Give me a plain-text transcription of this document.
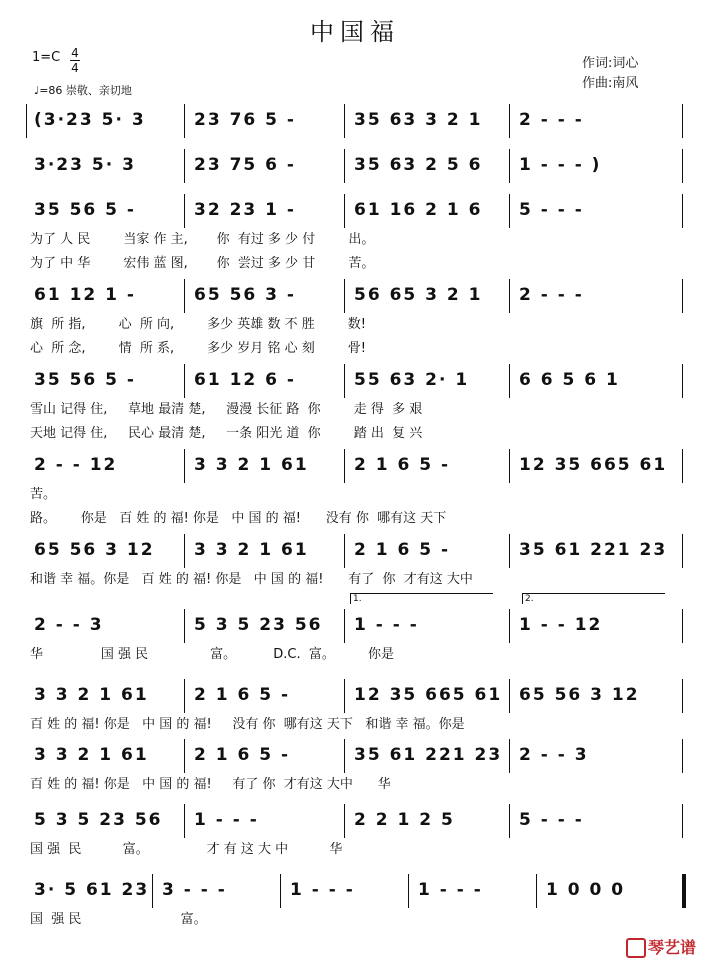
中国福
1=C 4
4
♩=86 崇敬、亲切地
作词:词心
作曲:南风
(3·23 5· 3	23 76 5 -	35 63 3 2 1	2 - - -
3·23 5· 3	23 75 6 -	35 63 2 5 6	1 - - - )
35 56 5 -	32 23 1 -	61 16 2 1 6	5 - - -
为了 人 民        当家 作 主,       你  有过 多 少 付        出。
为了 中 华        宏伟 蓝 图,       你  尝过 多 少 甘        苦。
61 12 1 -	65 56 3 -	56 65 3 2 1	2 - - -
旗  所 指,        心  所 向,        多少 英雄 数 不 胜        数!
心  所 念,        情  所 系,        多少 岁月 铭 心 刻        骨!
35 56 5 -	61 12 6 -	55 63 2· 1	6 6 5 6 1
雪山 记得 住,     草地 最清 楚,     漫漫 长征 路  你        走 得  多 艰
天地 记得 住,     民心 最清 楚,     一条 阳光 道  你        踏 出  复 兴
2 - - 12	3 3 2 1 61	2 1 6 5 -	12 35 665 61
苦。
路。      你是   百 姓 的 福! 你是   中 国 的 福!      没有 你  哪有这 天下
65 56 3 12	3 3 2 1 61	2 1 6 5 -	35 61 221 23
和谐 幸 福。你是   百 姓 的 福! 你是   中 国 的 福!      有了  你  才有这 大中
2 - - 3	5 3 5 23 56	1 - - -	1 - - 12
1.	2.
华              国 强 民               富。         D.C.  富。        你是
3 3 2 1 61	2 1 6 5 -	12 35 665 61 65 56 3 12
百 姓 的 福! 你是   中 国 的 福!     没有 你  哪有这 天下   和谐 幸 福。你是
3 3 2 1 61	2 1 6 5 -	35 61 221 23 2 - - 3
百 姓 的 福! 你是   中 国 的 福!     有了 你  才有这 大中      华
5 3 5 23 56	1 - - -	2 2 1 2 5	5 - - -
国 强  民          富。              才 有 这 大 中          华
3· 5 61 23 3 - - -	1 - - -	1 - - -	1 0 0 0
国  强 民                        富。
琴艺谱
